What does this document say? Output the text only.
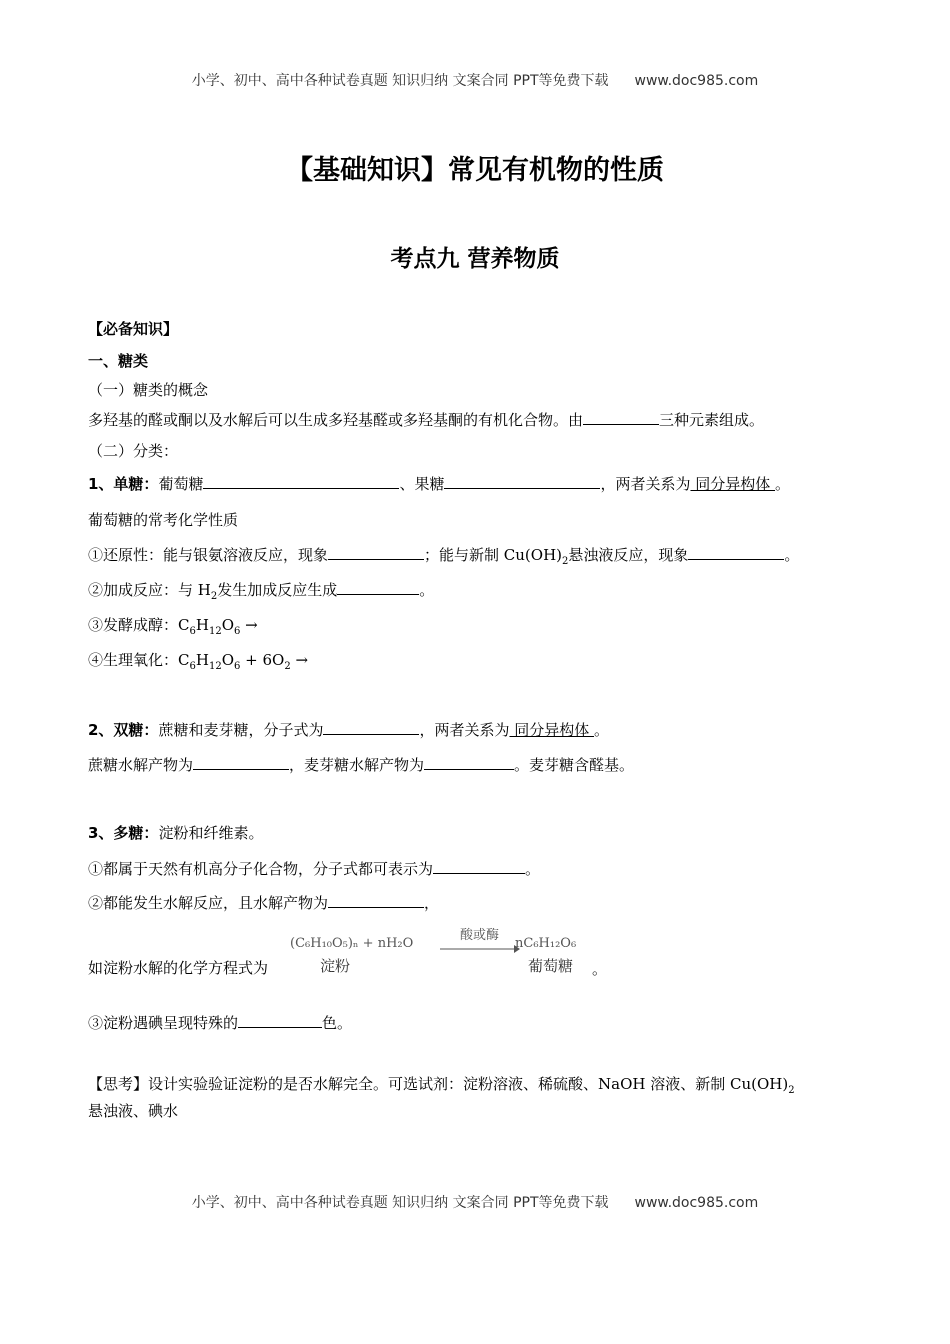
小学、初中、高中各种试卷真题 知识归纳 文案合同 PPT等免费下载 www.doc985.com
【基础知识】常见有机物的性质
考点九 营养物质
【必备知识】
一、糖类
（一）糖类的概念
多羟基的醛或酮以及水解后可以生成多羟基醛或多羟基酮的有机化合物。由	三种元素组成。
（二）分类：
1、单糖：葡萄糖	、果糖	，两者关系为 同分异构体 。
葡萄糖的常考化学性质
①还原性：能与银氨溶液反应，现象	；能与新制 $Cu(OH)_2$悬浊液反应，现象	。
②加成反应：与 $H_2$发生加成反应生成	。
③发酵成醇：$C_6H_{12}O_6$ →
④生理氧化：$C_6H_{12}O_6 + 6O_2$ →
2、双糖：蔗糖和麦芽糖，分子式为	，两者关系为 同分异构体 。
蔗糖水解产物为	，麦芽糖水解产物为	。麦芽糖含醛基。
3、多糖：淀粉和纤维素。
①都属于天然有机高分子化合物，分子式都可表示为	。
②都能发生水解反应，且水解产物为	，
如淀粉水解的化学方程式为
(C₆H₁₀O₅)ₙ + nH₂O
酸或酶
nC₆H₁₂O₆
淀粉	葡萄糖 。
③淀粉遇碘呈现特殊的	色。
【思考】设计实验验证淀粉的是否水解完全。可选试剂：淀粉溶液、稀硫酸、NaOH 溶液、新制 $Cu(OH)_2$
悬浊液、碘水
小学、初中、高中各种试卷真题 知识归纳 文案合同 PPT等免费下载 www.doc985.com
